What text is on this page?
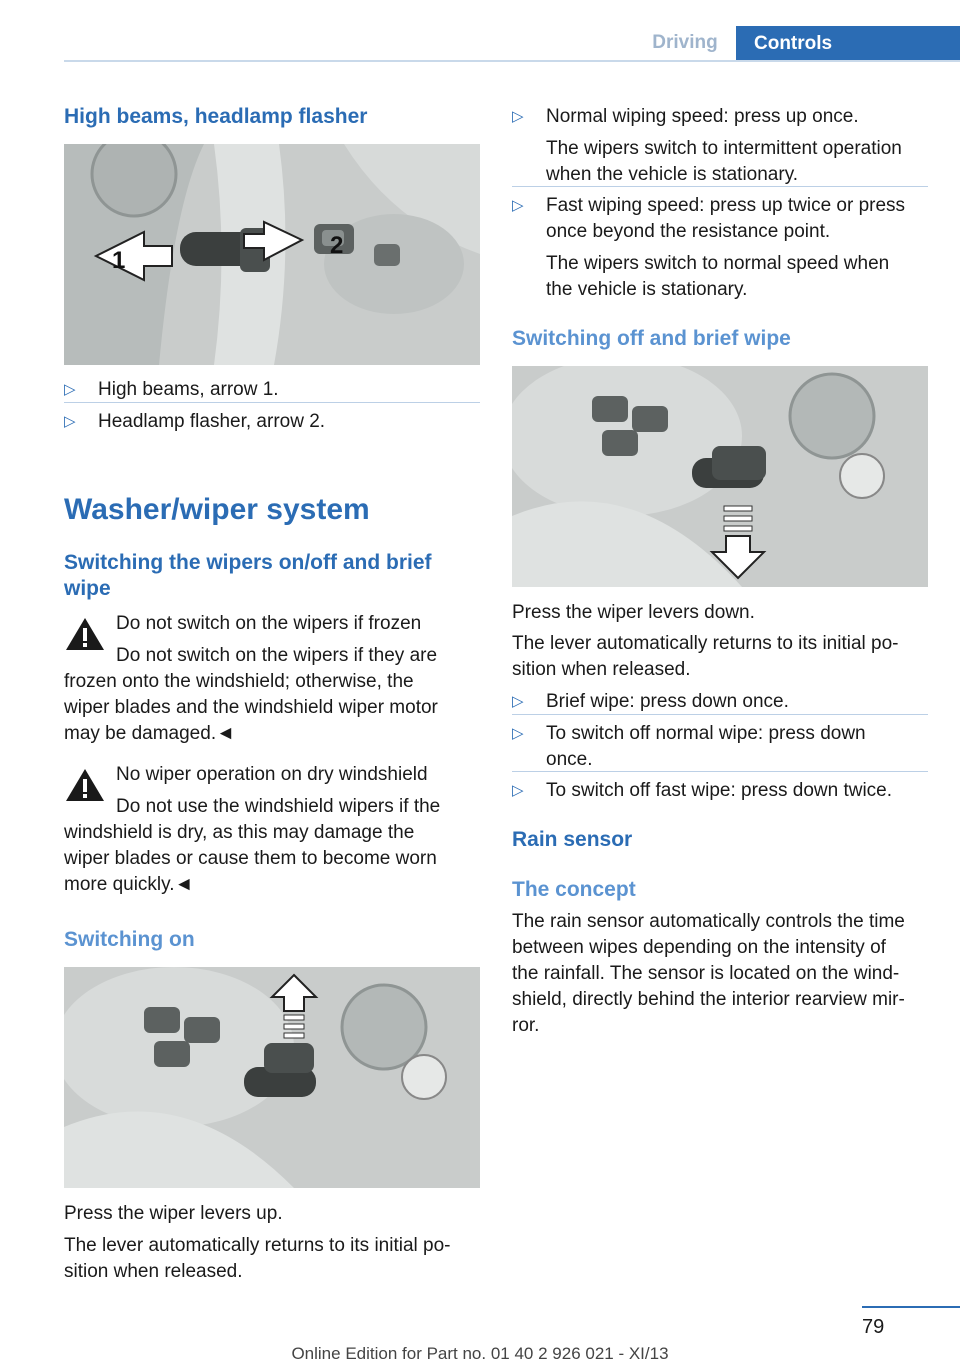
Driving	Controls
High beams, headlamp flasher
1
2
▷ High beams, arrow 1.
▷ Headlamp flasher, arrow 2.
Washer/wiper system
Switching the wipers on/off and brief wipe
Do not switch on the wipers if frozen
Do not switch on the wipers if they are
frozen onto the windshield; otherwise, the
wiper blades and the windshield wiper motor
may be damaged.◄
No wiper operation on dry windshield
Do not use the windshield wipers if the
windshield is dry, as this may damage the
wiper blades or cause them to become worn
more quickly.◄
Switching on
Press the wiper levers up.
The lever automatically returns to its initial po-
sition when released.
▷ Normal wiping speed: press up once.
The wipers switch to intermittent operation
when the vehicle is stationary.
▷ Fast wiping speed: press up twice or press
once beyond the resistance point.
The wipers switch to normal speed when
the vehicle is stationary.
Switching off and brief wipe
Press the wiper levers down.
The lever automatically returns to its initial po-
sition when released.
▷ Brief wipe: press down once.
▷ To switch off normal wipe: press down
once.
▷ To switch off fast wipe: press down twice.
Rain sensor
The concept
The rain sensor automatically controls the time
between wipes depending on the intensity of
the rainfall. The sensor is located on the wind-
shield, directly behind the interior rearview mir-
ror.
79
Online Edition for Part no. 01 40 2 926 021 - XI/13
